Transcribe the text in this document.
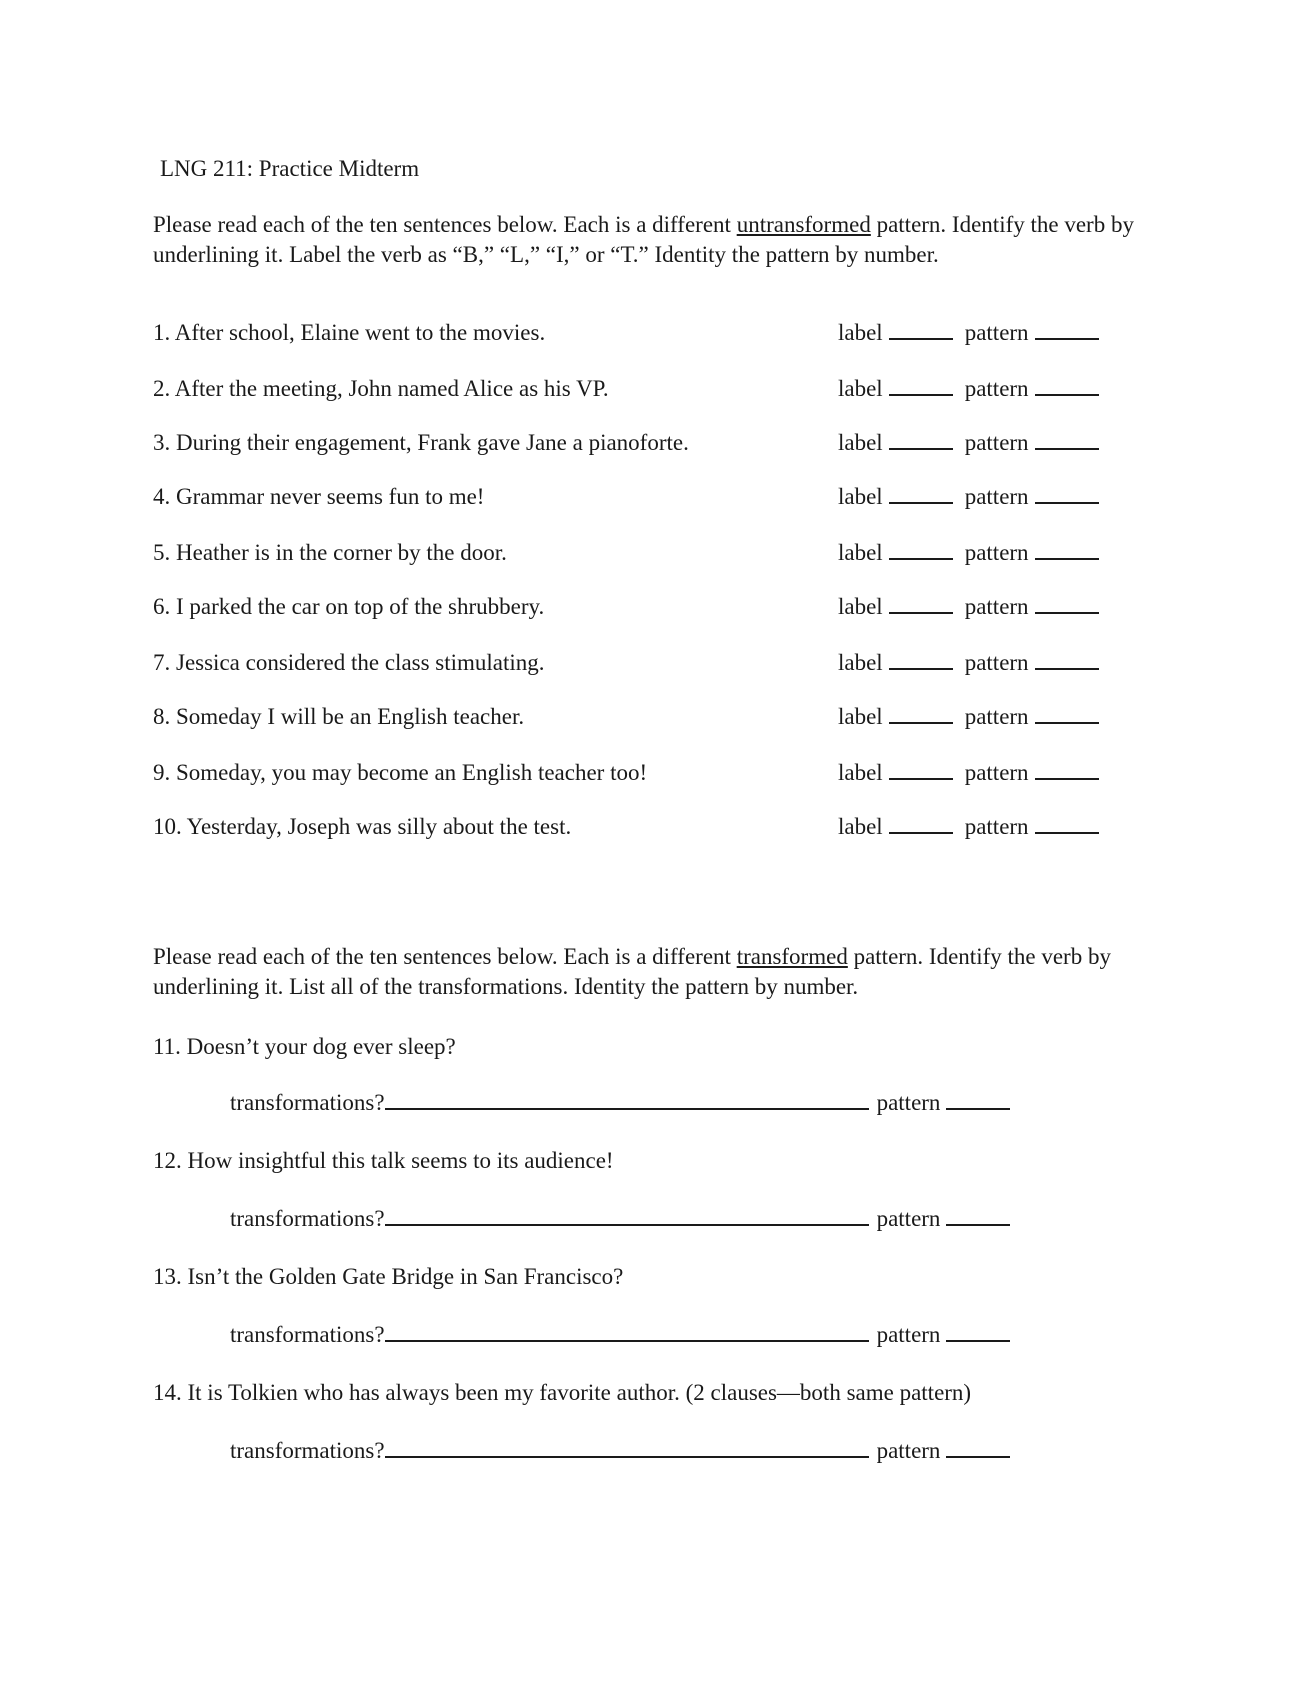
LNG 211: Practice Midterm
Please read each of the ten sentences below. Each is a different untransformed pattern. Identify the verb by underlining it. Label the verb as “B,” “L,” “I,” or “T.” Identity the pattern by number.
1. After school, Elaine went to the movies.	label	pattern
2. After the meeting, John named Alice as his VP.	label	pattern
3. During their engagement, Frank gave Jane a pianoforte.	label	pattern
4. Grammar never seems fun to me!	label	pattern
5. Heather is in the corner by the door.	label	pattern
6. I parked the car on top of the shrubbery.	label	pattern
7. Jessica considered the class stimulating.	label	pattern
8. Someday I will be an English teacher.	label	pattern
9. Someday, you may become an English teacher too!	label	pattern
10. Yesterday, Joseph was silly about the test.	label	pattern
Please read each of the ten sentences below. Each is a different transformed pattern. Identify the verb by underlining it. List all of the transformations. Identity the pattern by number.
11. Doesn’t your dog ever sleep?
transformations?	pattern
12. How insightful this talk seems to its audience!
transformations?	pattern
13. Isn’t the Golden Gate Bridge in San Francisco?
transformations?	pattern
14. It is Tolkien who has always been my favorite author. (2 clauses—both same pattern)
transformations?	pattern
